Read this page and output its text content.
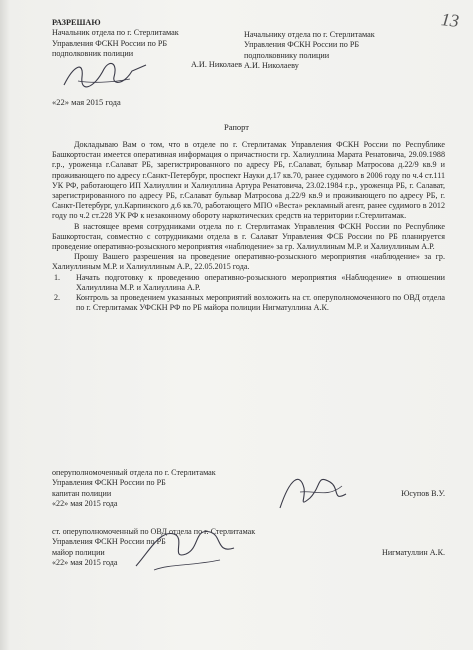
13
РАЗРЕШАЮ
Начальник отдела по г. Стерлитамак
Управления ФСКН России по РБ
подполковник полиции
А.И. Николаев
Начальнику отдела по г. Стерлитамак
Управления ФСКН России по РБ
подполковнику полиции
А.И. Николаеву
«22» мая 2015 года
Рапорт

Докладываю Вам о том, что в отделе по г. Стерлитамак Управления ФСКН России по Республике Башкортостан имеется оперативная информация о причастности гр. Халиуллина Марата Ренатовича, 29.09.1988 г.р., уроженца г.Салават РБ, зарегистрированного по адресу РБ, г.Салават, бульвар Матросова д.22/9 кв.9 и проживающего по адресу г.Санкт-Петербург, проспект Науки д.17 кв.70, ранее судимого в 2006 году по ч.4 ст.111 УК РФ, работающего ИП Халиуллин и Халиуллина Артура Ренатовича, 23.02.1984 г.р., уроженца РБ, г. Салават, зарегистрированного по адресу РБ, г.Салават бульвар Матросова д.22/9 кв.9 и проживающего по адресу РБ, г. Санкт-Петербург, ул.Карпинского д.6 кв.70, работающего МПО «Веста» рекламный агент, ранее судимого в 2012 году по ч.2 ст.228 УК РФ к незаконному обороту наркотических средств на территории г.Стерлитамак.

В настоящее время сотрудниками отдела по г. Стерлитамак Управления ФСКН России по Республике Башкортостан, совместно с сотрудниками отдела в г. Салават Управления ФСБ России по РБ планируется проведение оперативно-розыскного мероприятия «наблюдение» за гр. Халиуллиным М.Р. и Халиуллиным А.Р.

Прошу Вашего разрешения на проведение оперативно-розыскного мероприятия «наблюдение» за гр. Халиуллиным М.Р. и Халиуллиным А.Р., 22.05.2015 года.

1.	Начать подготовку к проведению оперативно-розыскного мероприятия «Наблюдение» в отношении Халиуллина М.Р. и Халиуллина А.Р.
2.	Контроль за проведением указанных мероприятий возложить на ст. оперуполномоченного по ОВД отдела по г. Стерлитамак УФСКН РФ по РБ майора полиции Нигматуллина А.К.
оперуполномоченный отдела по г. Стерлитамак
Управления ФСКН России по РБ
капитан полиции	Юсупов В.У.
«22» мая 2015 года
ст. оперуполномоченный по ОВД отдела по г. Стерлитамак
Управления ФСКН России по РБ
майор полиции	Нигматуллин А.К.
«22» мая 2015 года
